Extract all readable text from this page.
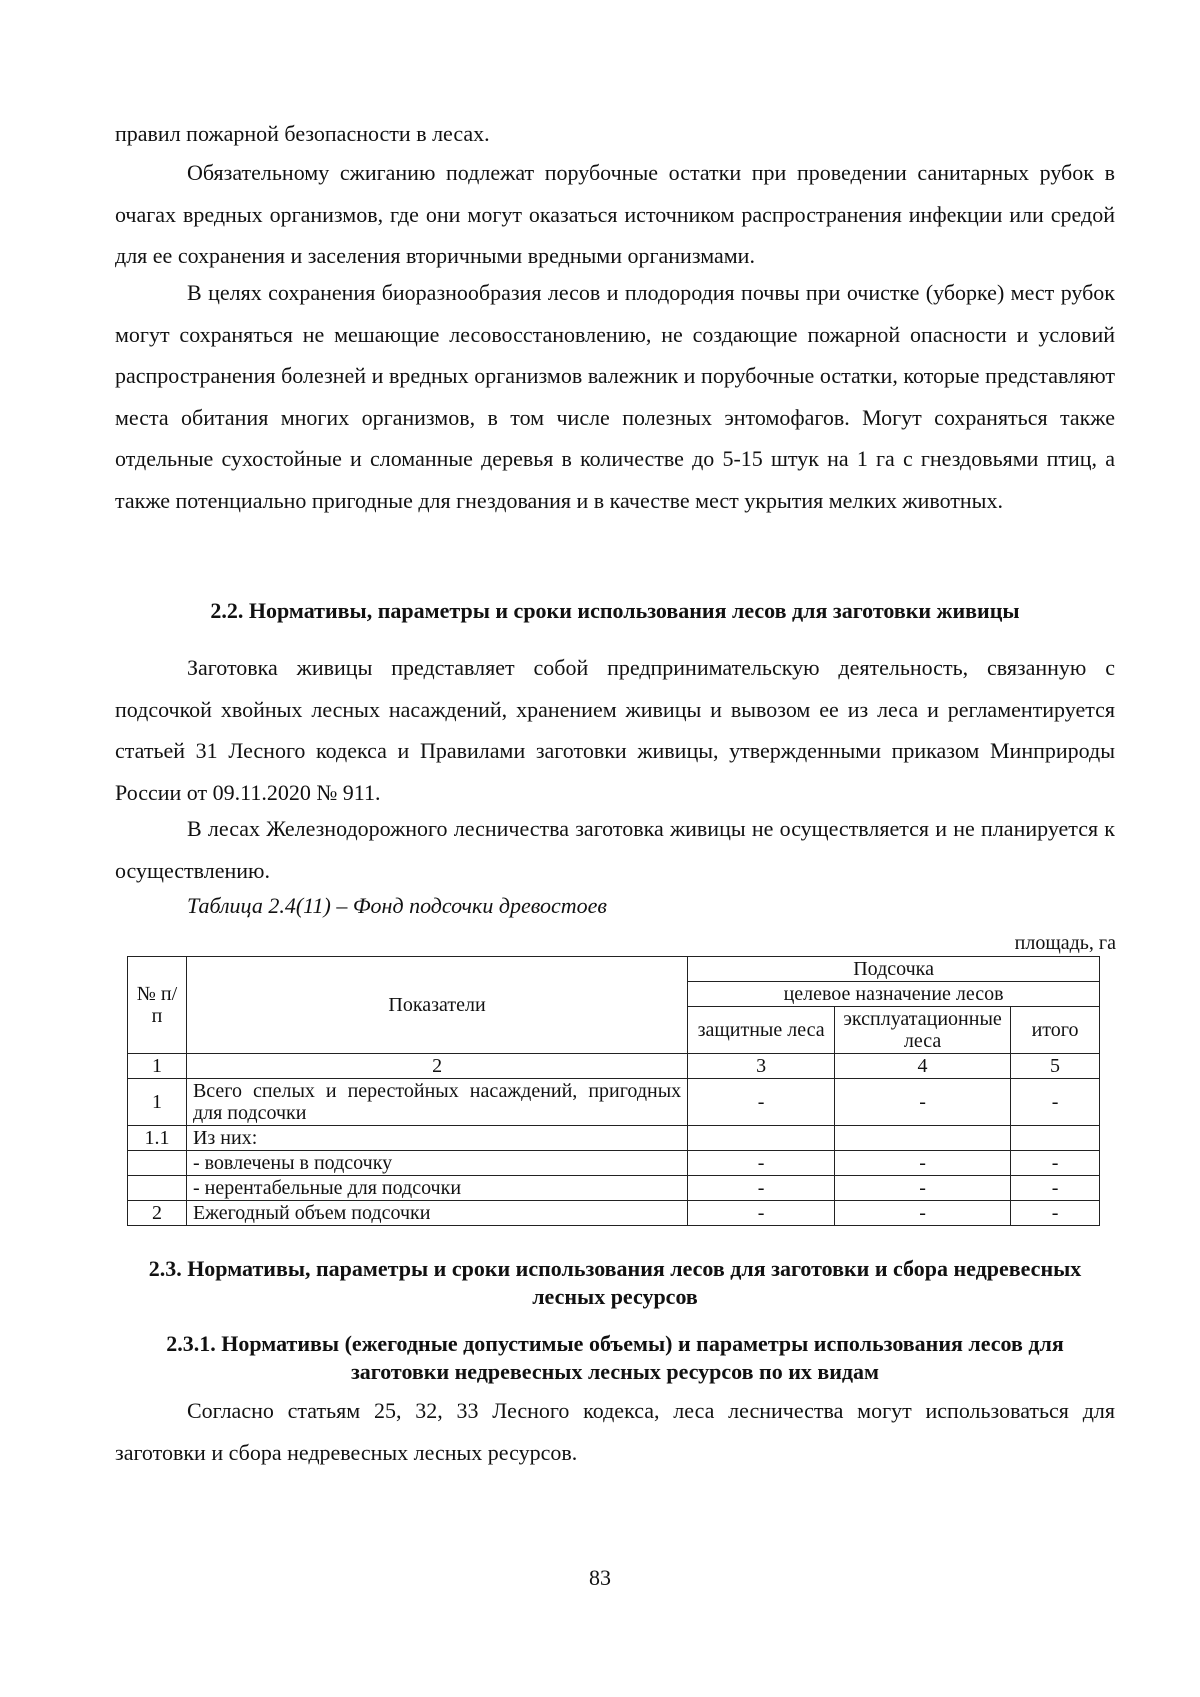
правил пожарной безопасности в лесах.

Обязательному сжиганию подлежат порубочные остатки при проведении санитарных рубок в очагах вредных организмов, где они могут оказаться источником распространения инфекции или средой для ее сохранения и заселения вторичными вредными организмами.

В целях сохранения биоразнообразия лесов и плодородия почвы при очистке (уборке) мест рубок могут сохраняться не мешающие лесовосстановлению, не создающие пожарной опасности и условий распространения болезней и вредных организмов валежник и порубочные остатки, которые представляют места обитания многих организмов, в том числе полезных энтомофагов. Могут сохраняться также отдельные сухостойные и сломанные деревья в количестве до 5-15 штук на 1 га с гнездовьями птиц, а также потенциально пригодные для гнездования и в качестве мест укрытия мелких животных.

2.2. Нормативы, параметры и сроки использования лесов для заготовки живицы

Заготовка живицы представляет собой предпринимательскую деятельность, связанную с подсочкой хвойных лесных насаждений, хранением живицы и вывозом ее из леса и регламентируется статьей 31 Лесного кодекса и Правилами заготовки живицы, утвержденными приказом Минприроды России от 09.11.2020 № 911.

В лесах Железнодорожного лесничества заготовка живицы не осуществляется и не планируется к осуществлению.

Таблица 2.4(11) – Фонд подсочки древостоев

площадь, га

№ п/п	Показатели	Подсочка		
		целевое назначение лесов		
		защитные леса	эксплуатационные леса	итого
1	2	3	4	5
1	Всего спелых и перестойных насаждений, пригодных для подсочки	-	-	-
1.1	Из них:			
	- вовлечены в подсочку	-	-	-
	- нерентабельные для подсочки	-	-	-
2	Ежегодный объем подсочки	-	-	-
2.3. Нормативы, параметры и сроки использования лесов для заготовки и сбора недревесных лесных ресурсов
2.3.1. Нормативы (ежегодные допустимые объемы) и параметры использования лесов для заготовки недревесных лесных ресурсов по их видам

Согласно статьям 25, 32, 33 Лесного кодекса, леса лесничества могут использоваться для заготовки и сбора недревесных лесных ресурсов.

83
